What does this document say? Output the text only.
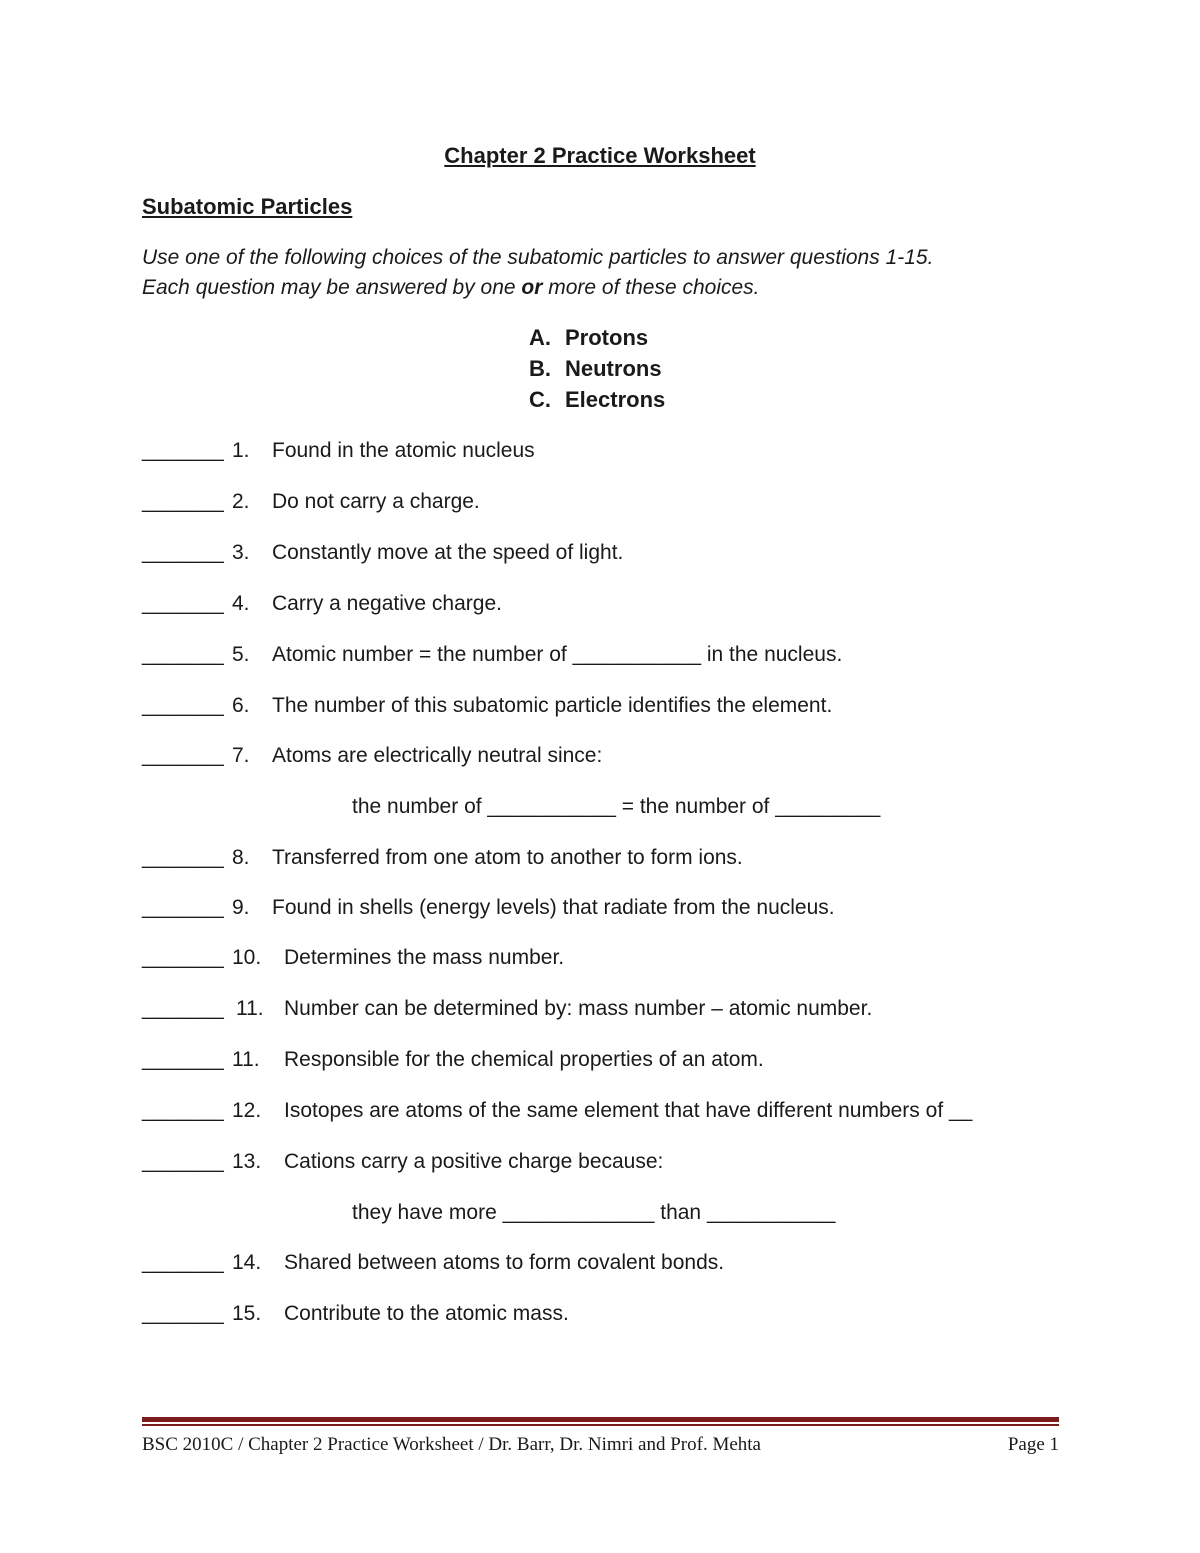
Chapter 2 Practice Worksheet
Subatomic Particles
Use one of the following choices of the subatomic particles to answer questions 1-15.
Each question may be answered by one or more of these choices.
A. Protons
B. Neutrons
C. Electrons
_______ 1. Found in the atomic nucleus
_______ 2. Do not carry a charge.
_______ 3. Constantly move at the speed of light.
_______ 4. Carry a negative charge.
_______ 5. Atomic number = the number of ___________ in the nucleus.
_______ 6. The number of this subatomic particle identifies the element.
_______ 7. Atoms are electrically neutral since:
the number of ___________ = the number of _________
_______ 8. Transferred from one atom to another to form ions.
_______ 9. Found in shells (energy levels) that radiate from the nucleus.
_______ 10. Determines the mass number.
_______ 11. Number can be determined by: mass number – atomic number.
_______ 11. Responsible for the chemical properties of an atom.
_______ 12. Isotopes are atoms of the same element that have different numbers of __
_______ 13. Cations carry a positive charge because:
they have more _____________ than ___________
_______ 14. Shared between atoms to form covalent bonds.
_______ 15. Contribute to the atomic mass.
BSC 2010C / Chapter 2 Practice Worksheet / Dr. Barr, Dr. Nimri and Prof. Mehta	Page 1
